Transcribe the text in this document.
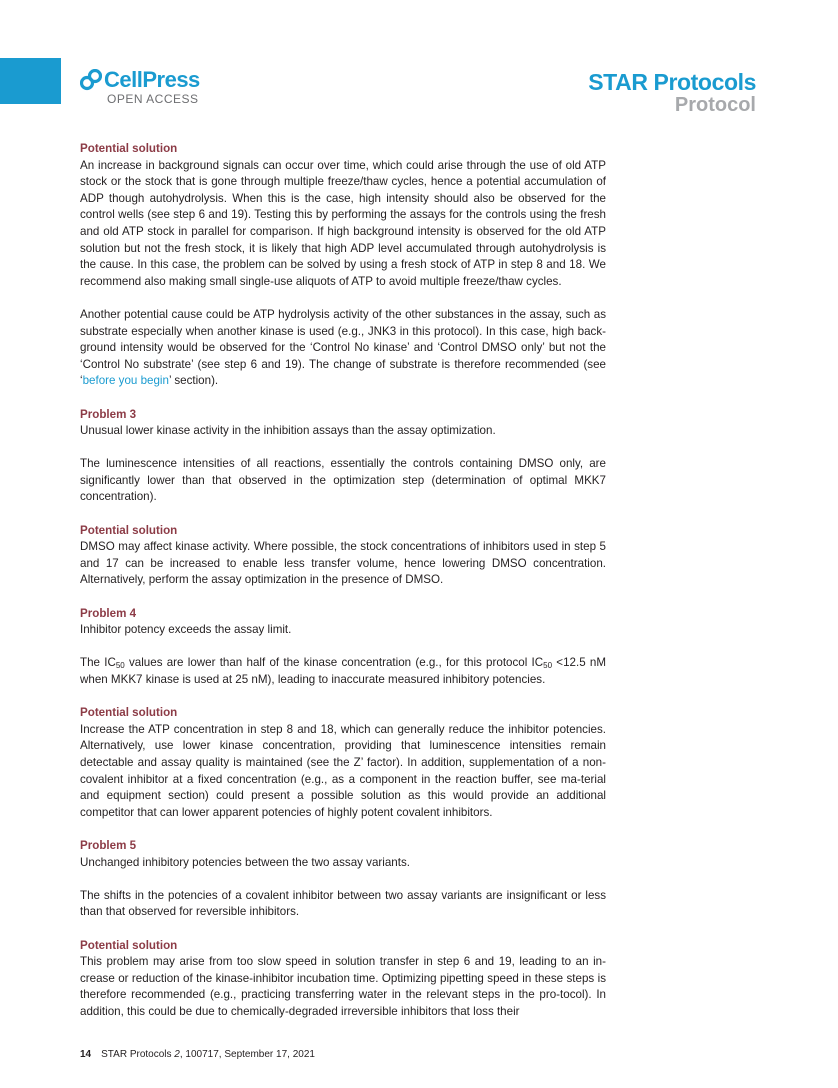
CellPress
OPEN ACCESS
STAR Protocols
Protocol

Potential solution

An increase in background signals can occur over time, which could arise through the use of old ATP stock or the stock that is gone through multiple freeze/thaw cycles, hence a potential accumulation of ADP though autohydrolysis. When this is the case, high intensity should also be observed for the control wells (see step 6 and 19). Testing this by performing the assays for the controls using the fresh and old ATP stock in parallel for comparison. If high background intensity is observed for the old ATP solution but not the fresh stock, it is likely that high ADP level accumulated through autohydrolysis is the cause. In this case, the problem can be solved by using a fresh stock of ATP in step 8 and 18. We recommend also making small single-use aliquots of ATP to avoid multiple freeze/thaw cycles.

Another potential cause could be ATP hydrolysis activity of the other substances in the assay, such as substrate especially when another kinase is used (e.g., JNK3 in this protocol). In this case, high back-ground intensity would be observed for the ‘Control No kinase’ and ‘Control DMSO only’ but not the ‘Control No substrate’ (see step 6 and 19). The change of substrate is therefore recommended (see ‘before you begin’ section).

Problem 3

Unusual lower kinase activity in the inhibition assays than the assay optimization.

The luminescence intensities of all reactions, essentially the controls containing DMSO only, are significantly lower than that observed in the optimization step (determination of optimal MKK7 concentration).

Potential solution

DMSO may affect kinase activity. Where possible, the stock concentrations of inhibitors used in step 5 and 17 can be increased to enable less transfer volume, hence lowering DMSO concentration. Alternatively, perform the assay optimization in the presence of DMSO.

Problem 4

Inhibitor potency exceeds the assay limit.

The $IC_{50}$ values are lower than half of the kinase concentration (e.g., for this protocol $IC_{50} <12.5$ nM when MKK7 kinase is used at 25 nM), leading to inaccurate measured inhibitory potencies.

Potential solution

Increase the ATP concentration in step 8 and 18, which can generally reduce the inhibitor potencies. Alternatively, use lower kinase concentration, providing that luminescence intensities remain detectable and assay quality is maintained (see the Z’ factor). In addition, supplementation of a non-covalent inhibitor at a fixed concentration (e.g., as a component in the reaction buffer, see ma-terial and equipment section) could present a possible solution as this would provide an additional competitor that can lower apparent potencies of highly potent covalent inhibitors.

Problem 5

Unchanged inhibitory potencies between the two assay variants.

The shifts in the potencies of a covalent inhibitor between two assay variants are insignificant or less than that observed for reversible inhibitors.

Potential solution

This problem may arise from too slow speed in solution transfer in step 6 and 19, leading to an in-crease or reduction of the kinase-inhibitor incubation time. Optimizing pipetting speed in these steps is therefore recommended (e.g., practicing transferring water in the relevant steps in the pro-tocol). In addition, this could be due to chemically-degraded irreversible inhibitors that loss their

14 STAR Protocols 2, 100717, September 17, 2021
